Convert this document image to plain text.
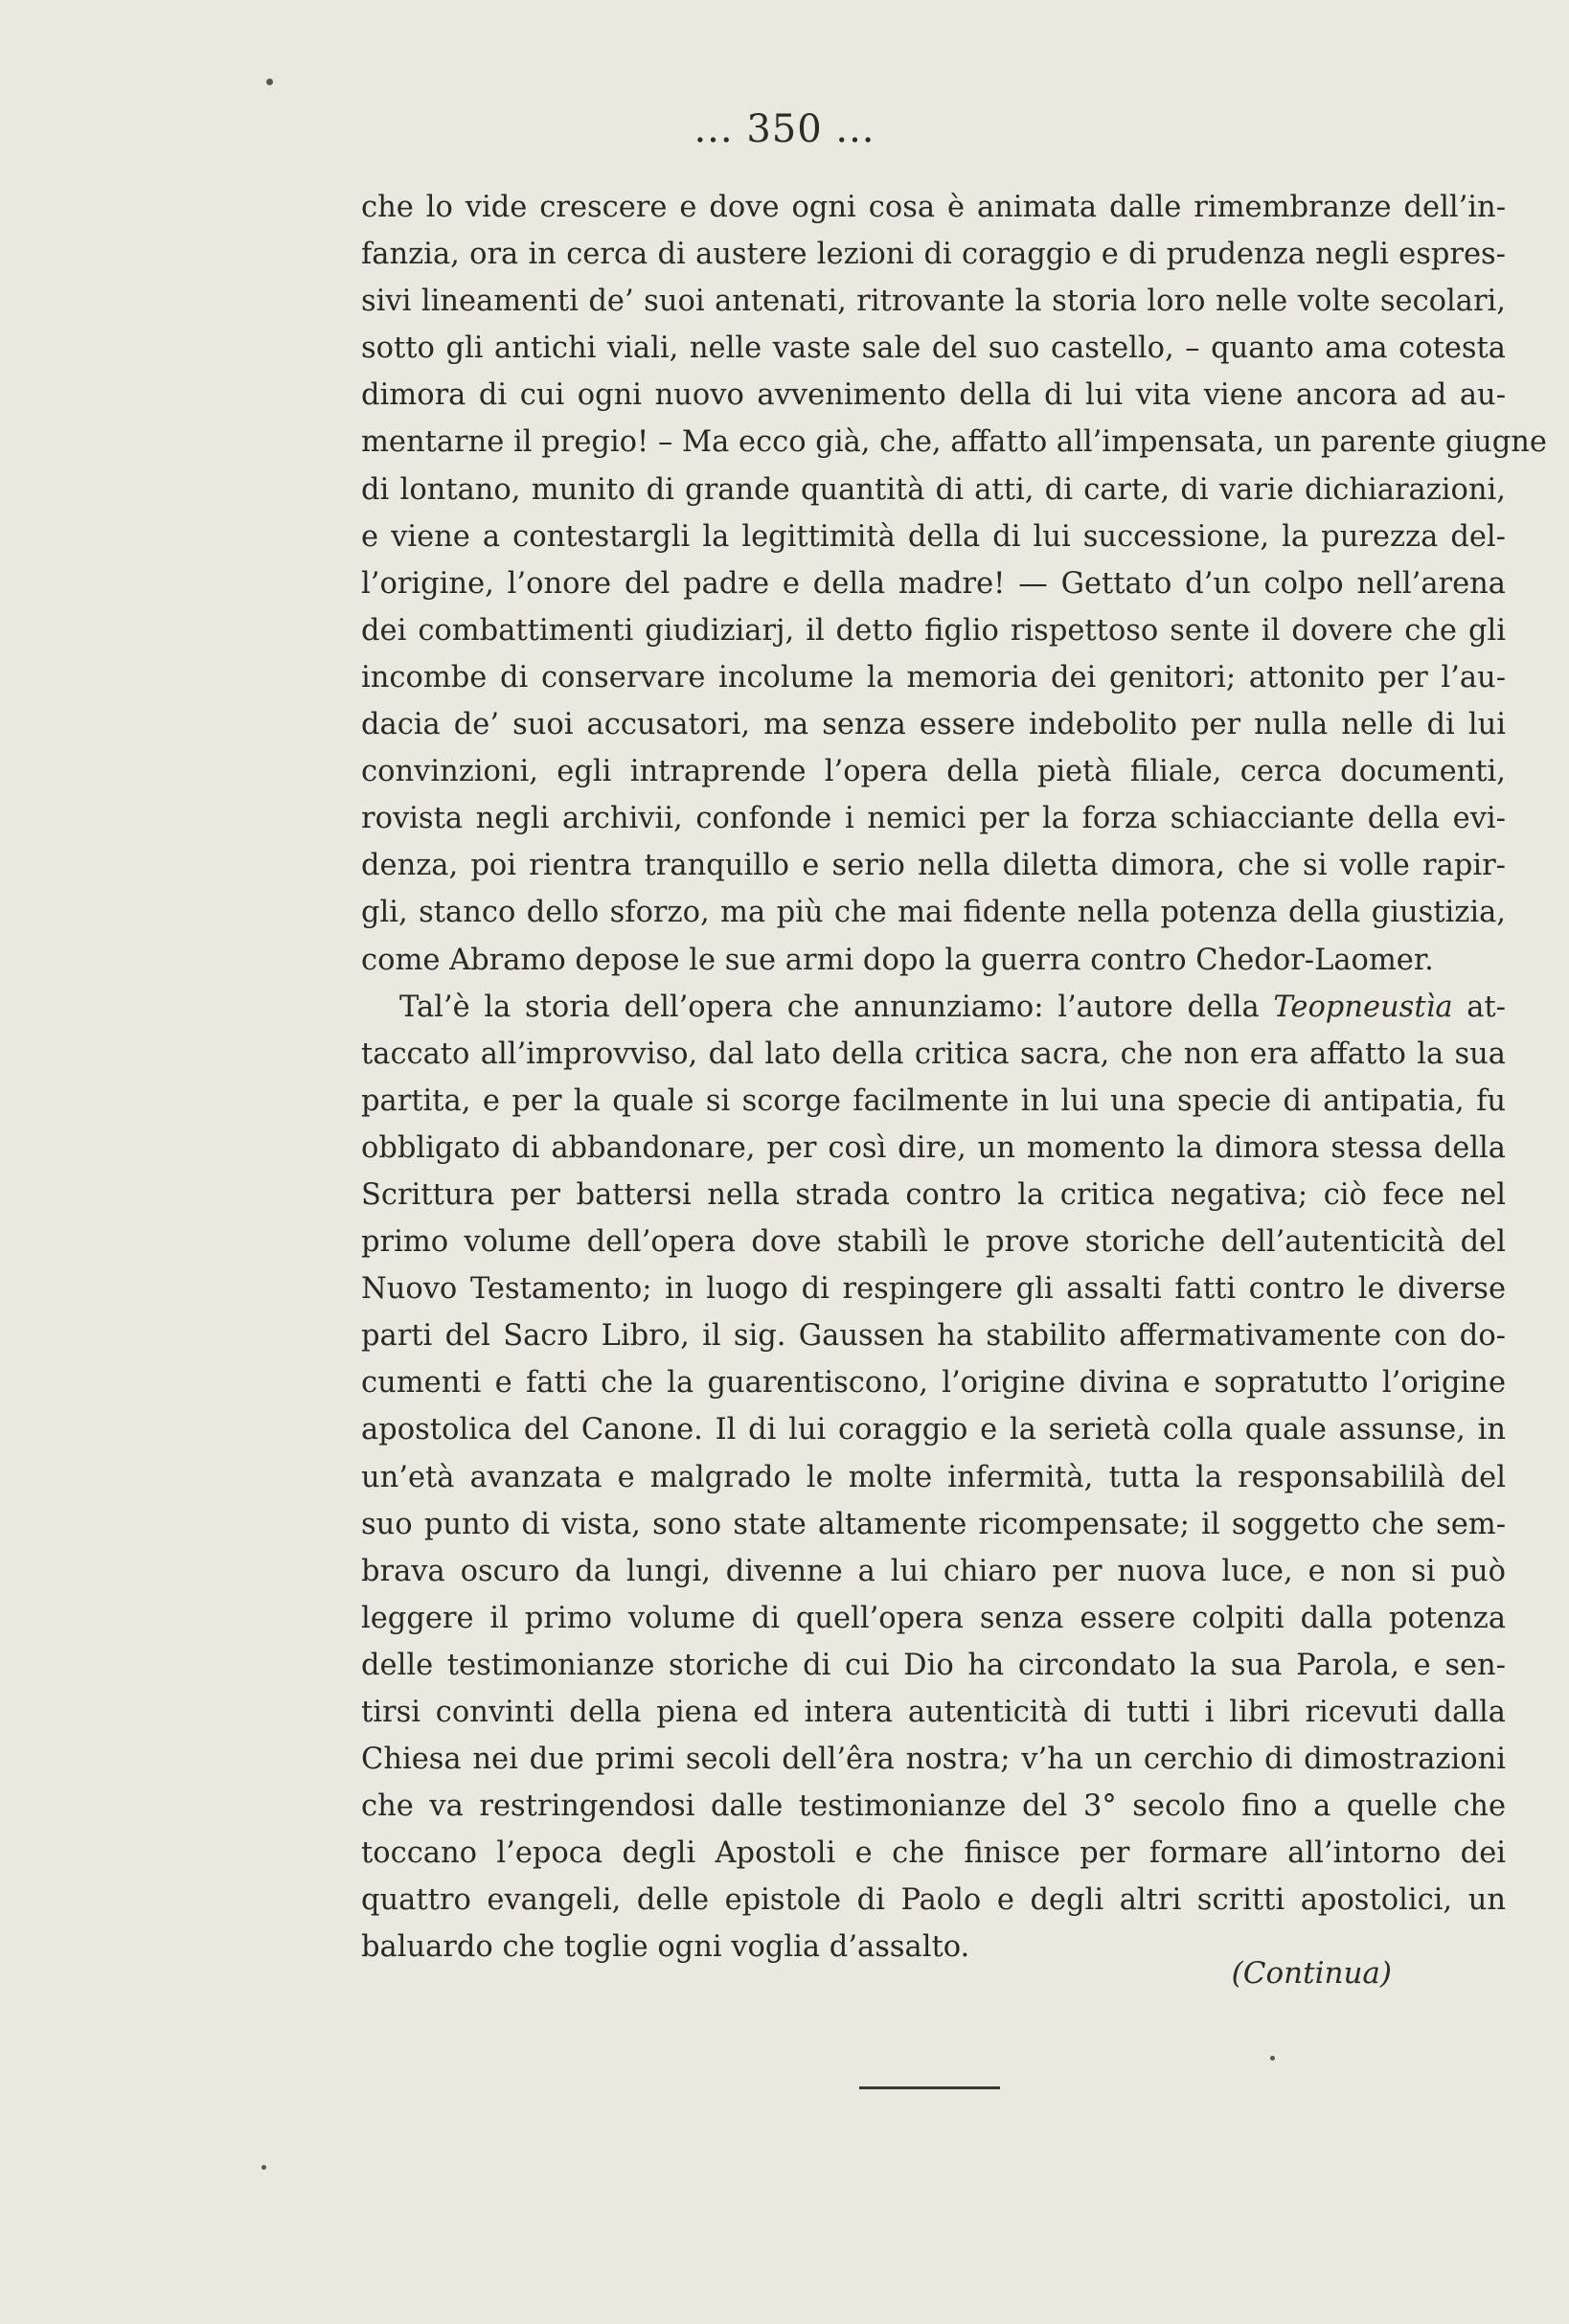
... 350 ...
che lo vide crescere e dove ogni cosa è animata dalle rimembranze dell’in-
fanzia, ora in cerca di austere lezioni di coraggio e di prudenza negli espres-
sivi lineamenti de’ suoi antenati, ritrovante la storia loro nelle volte secolari,
sotto gli antichi viali, nelle vaste sale del suo castello, – quanto ama cotesta
dimora di cui ogni nuovo avvenimento della di lui vita viene ancora ad au-
mentarne il pregio! – Ma ecco già, che, affatto all’impensata, un parente giugne
di lontano, munito di grande quantità di atti, di carte, di varie dichiarazioni,
e viene a contestargli la legittimità della di lui successione, la purezza del-
l’origine, l’onore del padre e della madre! — Gettato d’un colpo nell’arena
dei combattimenti giudiziarj, il detto figlio rispettoso sente il dovere che gli
incombe di conservare incolume la memoria dei genitori; attonito per l’au-
dacia de’ suoi accusatori, ma senza essere indebolito per nulla nelle di lui
convinzioni, egli intraprende l’opera della pietà filiale, cerca documenti,
rovista negli archivii, confonde i nemici per la forza schiacciante della evi-
denza, poi rientra tranquillo e serio nella diletta dimora, che si volle rapir-
gli, stanco dello sforzo, ma più che mai fidente nella potenza della giustizia,
come Abramo depose le sue armi dopo la guerra contro Chedor-Laomer.
Tal’è la storia dell’opera che annunziamo: l’autore della Teopneustìa at-
taccato all’improvviso, dal lato della critica sacra, che non era affatto la sua
partita, e per la quale si scorge facilmente in lui una specie di antipatia, fu
obbligato di abbandonare, per così dire, un momento la dimora stessa della
Scrittura per battersi nella strada contro la critica negativa; ciò fece nel
primo volume dell’opera dove stabilì le prove storiche dell’autenticità del
Nuovo Testamento; in luogo di respingere gli assalti fatti contro le diverse
parti del Sacro Libro, il sig. Gaussen ha stabilito affermativamente con do-
cumenti e fatti che la guarentiscono, l’origine divina e sopratutto l’origine
apostolica del Canone. Il di lui coraggio e la serietà colla quale assunse, in
un’età avanzata e malgrado le molte infermità, tutta la responsabililà del
suo punto di vista, sono state altamente ricompensate; il soggetto che sem-
brava oscuro da lungi, divenne a lui chiaro per nuova luce, e non si può
leggere il primo volume di quell’opera senza essere colpiti dalla potenza
delle testimonianze storiche di cui Dio ha circondato la sua Parola, e sen-
tirsi convinti della piena ed intera autenticità di tutti i libri ricevuti dalla
Chiesa nei due primi secoli dell’êra nostra; v’ha un cerchio di dimostrazioni
che va restringendosi dalle testimonianze del 3° secolo fino a quelle che
toccano l’epoca degli Apostoli e che finisce per formare all’intorno dei
quattro evangeli, delle epistole di Paolo e degli altri scritti apostolici, un
baluardo che toglie ogni voglia d’assalto.
(Continua)
